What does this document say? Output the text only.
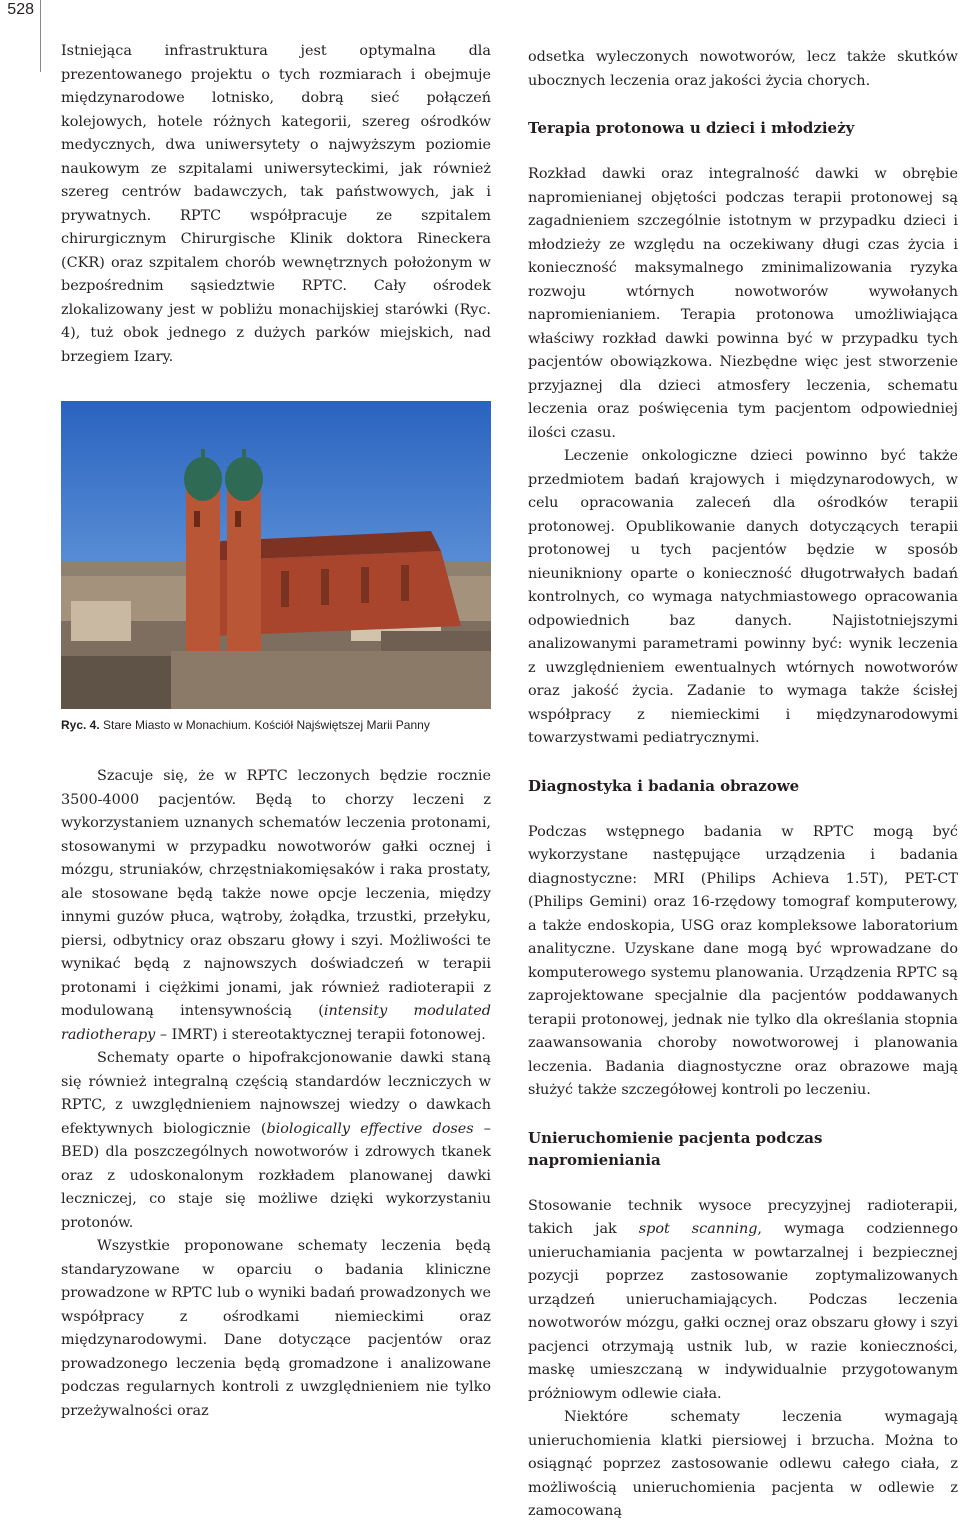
528

Istniejąca infrastruktura jest optymalna dla prezentowanego projektu o tych rozmiarach i obejmuje międzynarodowe lotnisko, dobrą sieć połączeń kolejowych, hotele różnych kategorii, szereg ośrodków medycznych, dwa uniwersytety o najwyższym poziomie naukowym ze szpitalami uniwersyteckimi, jak również szereg centrów badawczych, tak państwowych, jak i prywatnych. RPTC współpracuje ze szpitalem chirurgicznym Chirurgische Klinik doktora Rineckera (CKR) oraz szpitalem chorób wewnętrznych położonym w bezpośrednim sąsiedztwie RPTC. Cały ośrodek zlokalizowany jest w pobliżu monachijskiej starówki (Ryc. 4), tuż obok jednego z dużych parków miejskich, nad brzegiem Izary.

Ryc. 4. Stare Miasto w Monachium. Kościół Najświętszej Marii Panny

Szacuje się, że w RPTC leczonych będzie rocznie 3500-4000 pacjentów. Będą to chorzy leczeni z wykorzystaniem uznanych schematów leczenia protonami, stosowanymi w przypadku nowotworów gałki ocznej i mózgu, struniaków, chrzęstniakomięsaków i raka prostaty, ale stosowane będą także nowe opcje leczenia, między innymi guzów płuca, wątroby, żołądka, trzustki, przełyku, piersi, odbytnicy oraz obszaru głowy i szyi. Możliwości te wynikać będą z najnowszych doświadczeń w terapii protonami i ciężkimi jonami, jak również radioterapii z modulowaną intensywnością (intensity modulated radiotherapy – IMRT) i stereotaktycznej terapii fotonowej.

Schematy oparte o hipofrakcjonowanie dawki staną się również integralną częścią standardów leczniczych w RPTC, z uwzględnieniem najnowszej wiedzy o dawkach efektywnych biologicznie (biologically effective doses – BED) dla poszczególnych nowotworów i zdrowych tkanek oraz z udoskonalonym rozkładem planowanej dawki leczniczej, co staje się możliwe dzięki wykorzystaniu protonów.

Wszystkie proponowane schematy leczenia będą standaryzowane w oparciu o badania kliniczne prowadzone w RPTC lub o wyniki badań prowadzonych we współpracy z ośrodkami niemieckimi oraz międzynarodowymi. Dane dotyczące pacjentów oraz prowadzonego leczenia będą gromadzone i analizowane podczas regularnych kontroli z uwzględnieniem nie tylko przeżywalności oraz

odsetka wyleczonych nowotworów, lecz także skutków ubocznych leczenia oraz jakości życia chorych.

Terapia protonowa u dzieci i młodzieży

Rozkład dawki oraz integralność dawki w obrębie napromienianej objętości podczas terapii protonowej są zagadnieniem szczególnie istotnym w przypadku dzieci i młodzieży ze względu na oczekiwany długi czas życia i konieczność maksymalnego zminimalizowania ryzyka rozwoju wtórnych nowotworów wywołanych napromienianiem. Terapia protonowa umożliwiająca właściwy rozkład dawki powinna być w przypadku tych pacjentów obowiązkowa. Niezbędne więc jest stworzenie przyjaznej dla dzieci atmosfery leczenia, schematu leczenia oraz poświęcenia tym pacjentom odpowiedniej ilości czasu.

Leczenie onkologiczne dzieci powinno być także przedmiotem badań krajowych i międzynarodowych, w celu opracowania zaleceń dla ośrodków terapii protonowej. Opublikowanie danych dotyczących terapii protonowej u tych pacjentów będzie w sposób nieunikniony oparte o konieczność długotrwałych badań kontrolnych, co wymaga natychmiastowego opracowania odpowiednich baz danych. Najistotniejszymi analizowanymi parametrami powinny być: wynik leczenia z uwzględnieniem ewentualnych wtórnych nowotworów oraz jakość życia. Zadanie to wymaga także ścisłej współpracy z niemieckimi i międzynarodowymi towarzystwami pediatrycznymi.

Diagnostyka i badania obrazowe

Podczas wstępnego badania w RPTC mogą być wykorzystane następujące urządzenia i badania diagnostyczne: MRI (Philips Achieva 1.5T), PET-CT (Philips Gemini) oraz 16-rzędowy tomograf komputerowy, a także endoskopia, USG oraz kompleksowe laboratorium analityczne. Uzyskane dane mogą być wprowadzane do komputerowego systemu planowania. Urządzenia RPTC są zaprojektowane specjalnie dla pacjentów poddawanych terapii protonowej, jednak nie tylko dla określania stopnia zaawansowania choroby nowotworowej i planowania leczenia. Badania diagnostyczne oraz obrazowe mają służyć także szczegółowej kontroli po leczeniu.

Unieruchomienie pacjenta podczas napromieniania

Stosowanie technik wysoce precyzyjnej radioterapii, takich jak spot scanning, wymaga codziennego unieruchamiania pacjenta w powtarzalnej i bezpiecznej pozycji poprzez zastosowanie zoptymalizowanych urządzeń unieruchamiających. Podczas leczenia nowotworów mózgu, gałki ocznej oraz obszaru głowy i szyi pacjenci otrzymają ustnik lub, w razie konieczności, maskę umieszczaną w indywidualnie przygotowanym próżniowym odlewie ciała.

Niektóre schematy leczenia wymagają unieruchomienia klatki piersiowej i brzucha. Można to osiągnąć poprzez zastosowanie odlewu całego ciała, z możliwością unieruchomienia pacjenta w odlewie z zamocowaną
